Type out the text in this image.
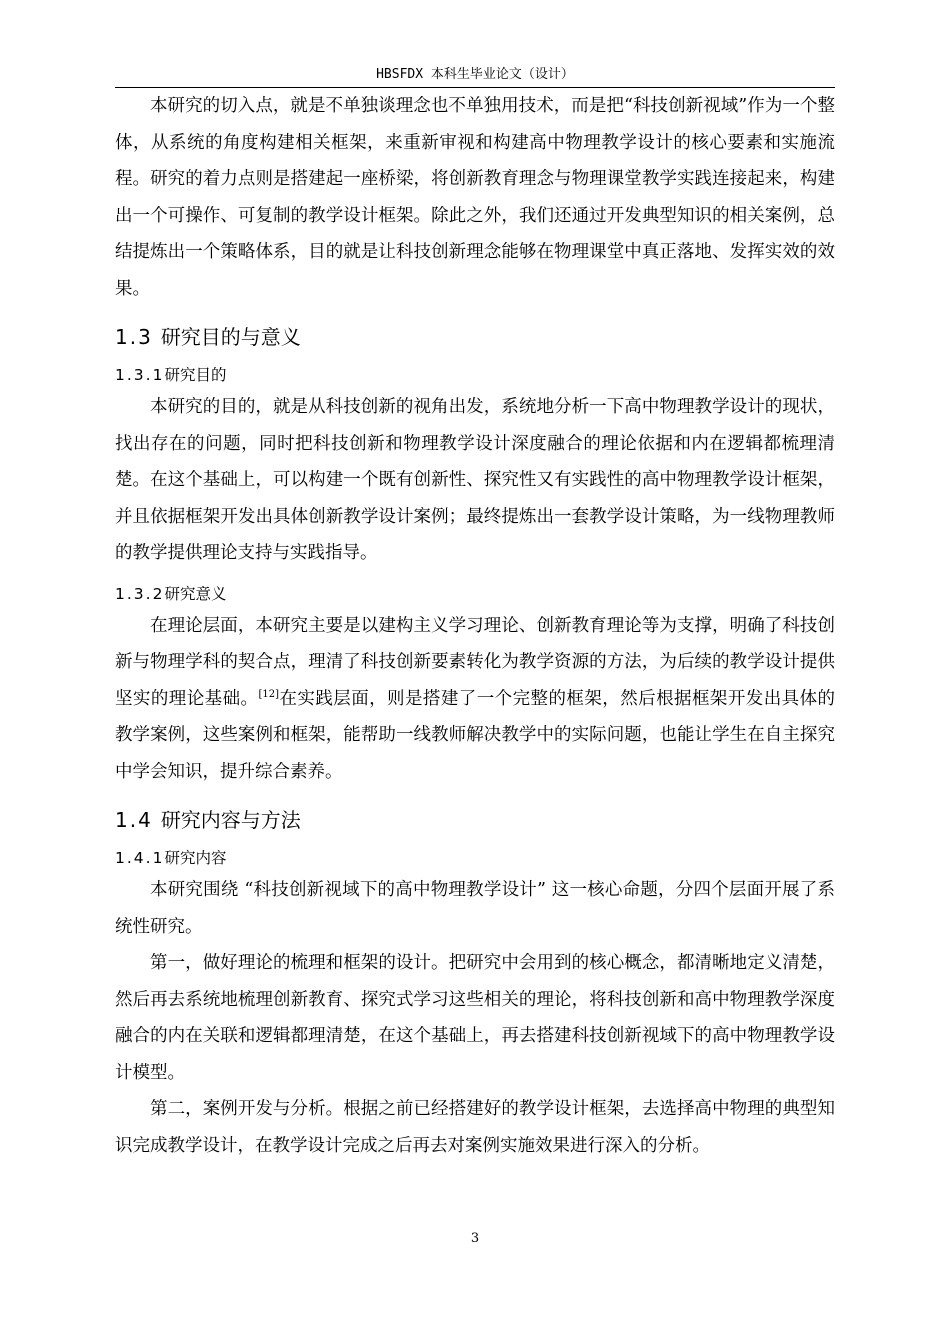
HBSFDX 本科生毕业论文（设计）

本研究的切入点，就是不单独谈理念也不单独用技术，而是把“科技创新视域”作为一个整体，从系统的角度构建相关框架，来重新审视和构建高中物理教学设计的核心要素和实施流程。研究的着力点则是搭建起一座桥梁，将创新教育理念与物理课堂教学实践连接起来，构建出一个可操作、可复制的教学设计框架。除此之外，我们还通过开发典型知识的相关案例，总结提炼出一个策略体系，目的就是让科技创新理念能够在物理课堂中真正落地、发挥实效的效果。

1.3 研究目的与意义
1.3.1研究目的

本研究的目的，就是从科技创新的视角出发，系统地分析一下高中物理教学设计的现状，找出存在的问题，同时把科技创新和物理教学设计深度融合的理论依据和内在逻辑都梳理清楚。在这个基础上，可以构建一个既有创新性、探究性又有实践性的高中物理教学设计框架，并且依据框架开发出具体创新教学设计案例；最终提炼出一套教学设计策略，为一线物理教师的教学提供理论支持与实践指导。

1.3.2研究意义

在理论层面，本研究主要是以建构主义学习理论、创新教育理论等为支撑，明确了科技创新与物理学科的契合点，理清了科技创新要素转化为教学资源的方法，为后续的教学设计提供坚实的理论基础。[12]在实践层面，则是搭建了一个完整的框架，然后根据框架开发出具体的教学案例，这些案例和框架，能帮助一线教师解决教学中的实际问题，也能让学生在自主探究中学会知识，提升综合素养。

1.4 研究内容与方法
1.4.1研究内容

本研究围绕 “科技创新视域下的高中物理教学设计” 这一核心命题，分四个层面开展了系统性研究。

第一，做好理论的梳理和框架的设计。把研究中会用到的核心概念，都清晰地定义清楚，然后再去系统地梳理创新教育、探究式学习这些相关的理论，将科技创新和高中物理教学深度融合的内在关联和逻辑都理清楚，在这个基础上，再去搭建科技创新视域下的高中物理教学设计模型。

第二，案例开发与分析。根据之前已经搭建好的教学设计框架，去选择高中物理的典型知识完成教学设计，在教学设计完成之后再去对案例实施效果进行深入的分析。

3
